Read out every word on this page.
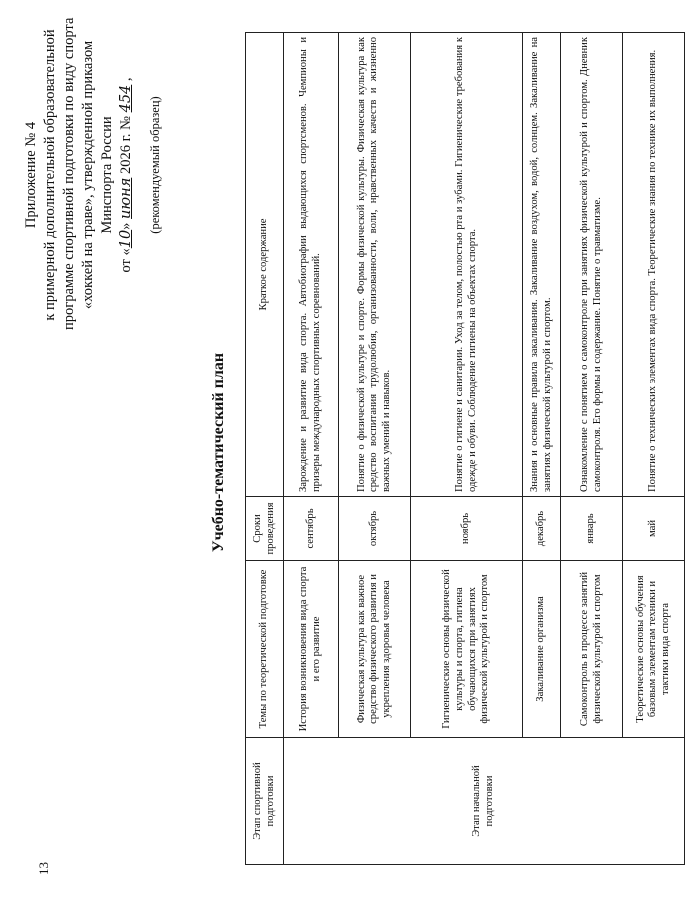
13
Приложение № 4 к примерной дополнительной образовательной программе спортивной подготовки по виду спорта «хоккей на траве», утвержденной приказом Минспорта России
от «10» июня 2026 г. № 454 ,
(рекомендуемый образец)
Учебно-тематический план
Этап спортивной подготовки	Темы по теоретической подготовке	Сроки проведения	Краткое содержание
Этап начальной подготовки	История возникновения вида спорта и его развитие	сентябрь	Зарождение и развитие вида спорта. Автобиографии выдающихся спортсменов. Чемпионы и призеры международных спортивных соревнований.
	Физическая культура как важное средство физического развития и укрепления здоровья человека	октябрь	Понятие о физической культуре и спорте. Формы физической культуры. Физическая культура как средство воспитания трудолюбия, организованности, воли, нравственных качеств и жизненно важных умений и навыков.
	Гигиенические основы физической культуры и спорта, гигиена обучающихся при занятиях физической культурой и спортом	ноябрь	Понятие о гигиене и санитарии. Уход за телом, полостью рта и зубами. Гигиенические требования к одежде и обуви. Соблюдение гигиены на объектах спорта.
	Закаливание организма	декабрь	Знания и основные правила закаливания. Закаливание воздухом, водой, солнцем. Закаливание на занятиях физической культурой и спортом.
	Самоконтроль в процессе занятий физической культурой и спортом	январь	Ознакомление с понятием о самоконтроле при занятиях физической культурой и спортом. Дневник самоконтроля. Его формы и содержание. Понятие о травматизме.
	Теоретические основы обучения базовым элементам техники и тактики вида спорта	май	Понятие о технических элементах вида спорта. Теоретические знания по технике их выполнения.
